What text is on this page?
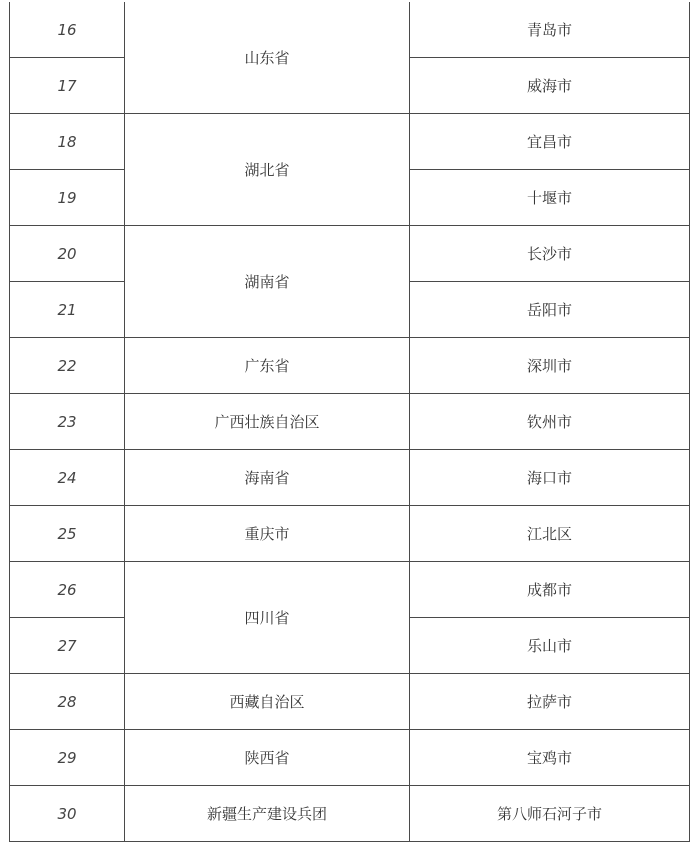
16	山东省	青岛市
17		威海市
18	湖北省	宜昌市
19		十堰市
20	湖南省	长沙市
21		岳阳市
22	广东省	深圳市
23	广西壮族自治区	钦州市
24	海南省	海口市
25	重庆市	江北区
26	四川省	成都市
27		乐山市
28	西藏自治区	拉萨市
29	陕西省	宝鸡市
30	新疆生产建设兵团	第八师石河子市
